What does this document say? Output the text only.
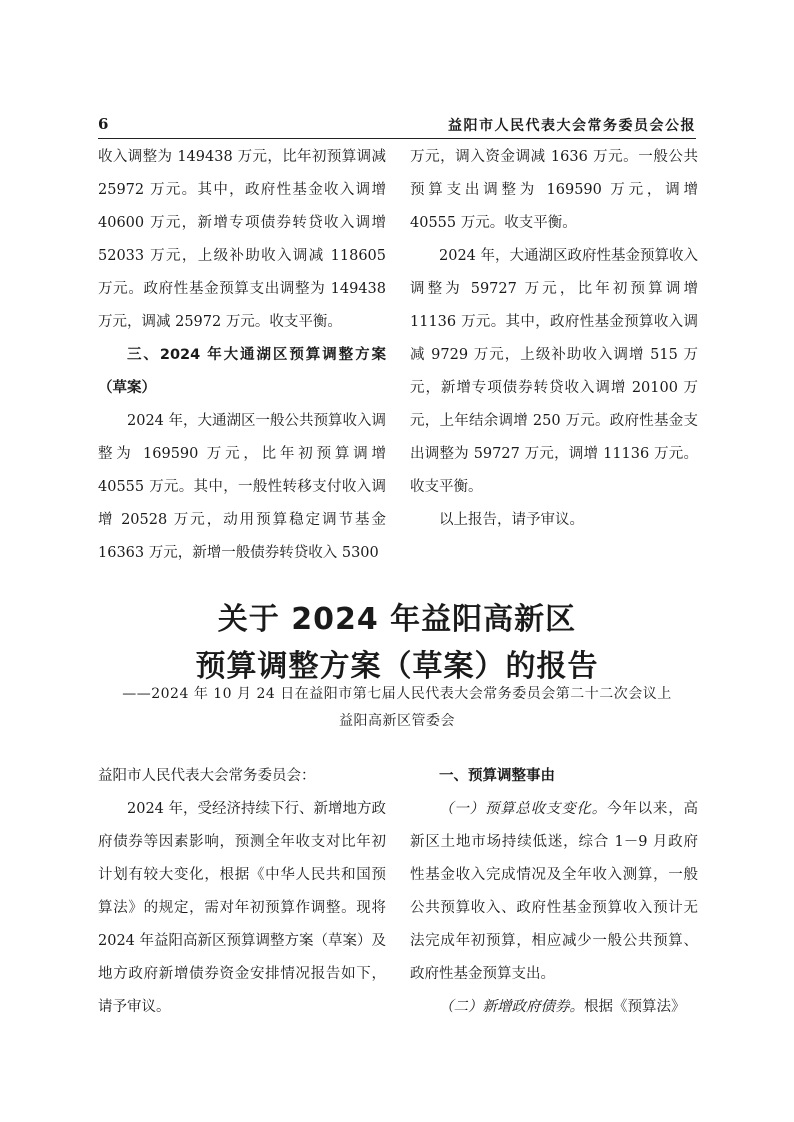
6	益阳市人民代表大会常务委员会公报

收入调整为 149438 万元，比年初预算调减 25972 万元。其中，政府性基金收入调增 40600 万元，新增专项债券转贷收入调增 52033 万元，上级补助收入调减 118605 万元。政府性基金预算支出调整为 149438 万元，调减 25972 万元。收支平衡。

三、2024 年大通湖区预算调整方案（草案）

2024 年，大通湖区一般公共预算收入调整为 169590 万元，比年初预算调增 40555 万元。其中，一般性转移支付收入调增 20528 万元，动用预算稳定调节基金 16363 万元，新增一般债券转贷收入 5300

万元，调入资金调减 1636 万元。一般公共预算支出调整为 169590 万元，调增 40555 万元。收支平衡。

2024 年，大通湖区政府性基金预算收入调整为 59727 万元，比年初预算调增 11136 万元。其中，政府性基金预算收入调减 9729 万元，上级补助收入调增 515 万元，新增专项债券转贷收入调增 20100 万元，上年结余调增 250 万元。政府性基金支出调整为 59727 万元，调增 11136 万元。收支平衡。

以上报告，请予审议。

关于 2024 年益阳高新区
预算调整方案（草案）的报告
——2024 年 10 月 24 日在益阳市第七届人民代表大会常务委员会第二十二次会议上
益阳高新区管委会

益阳市人民代表大会常务委员会：

2024 年，受经济持续下行、新增地方政府债券等因素影响，预测全年收支对比年初计划有较大变化，根据《中华人民共和国预算法》的规定，需对年初预算作调整。现将 2024 年益阳高新区预算调整方案（草案）及地方政府新增债券资金安排情况报告如下，请予审议。

一、预算调整事由

（一）预算总收支变化。今年以来，高新区土地市场持续低迷，综合 1－9 月政府性基金收入完成情况及全年收入测算，一般公共预算收入、政府性基金预算收入预计无法完成年初预算，相应减少一般公共预算、政府性基金预算支出。

（二）新增政府债券。根据《预算法》
